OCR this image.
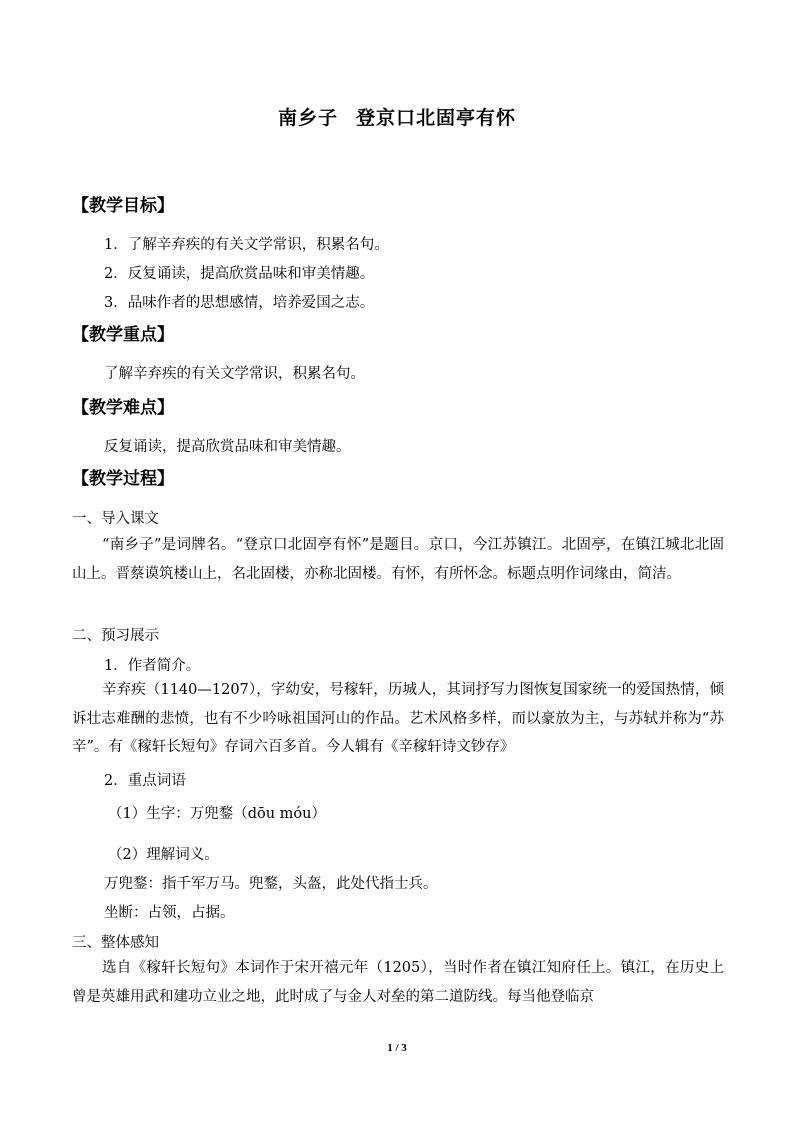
南乡子 登京口北固亭有怀
【教学目标】
1．了解辛弃疾的有关文学常识，积累名句。
2．反复诵读，提高欣赏品味和审美情趣。
3．品味作者的思想感情，培养爱国之志。
【教学重点】
了解辛弃疾的有关文学常识，积累名句。
【教学难点】
反复诵读，提高欣赏品味和审美情趣。
【教学过程】
一、导入课文
“南乡子”是词牌名。“登京口北固亭有怀”是题目。京口，今江苏镇江。北固亭，在镇江城北北固山上。晋蔡谟筑楼山上，名北固楼，亦称北固楼。有怀，有所怀念。标题点明作词缘由，简洁。
二、预习展示
1．作者简介。
辛弃疾（1140—1207），字幼安，号稼轩，历城人，其词抒写力图恢复国家统一的爱国热情，倾诉壮志难酬的悲愤，也有不少吟咏祖国河山的作品。艺术风格多样，而以豪放为主，与苏轼并称为“苏辛”。有《稼轩长短句》存词六百多首。今人辑有《辛稼轩诗文钞存》
2．重点词语
（1）生字：万兜鍪（dōu móu）
（2）理解词义。
万兜鍪：指千军万马。兜鍪，头盔，此处代指士兵。
坐断：占领，占据。
三、整体感知
选自《稼轩长短句》本词作于宋开禧元年（1205），当时作者在镇江知府任上。镇江，在历史上曾是英雄用武和建功立业之地，此时成了与金人对垒的第二道防线。每当他登临京
1 / 3
